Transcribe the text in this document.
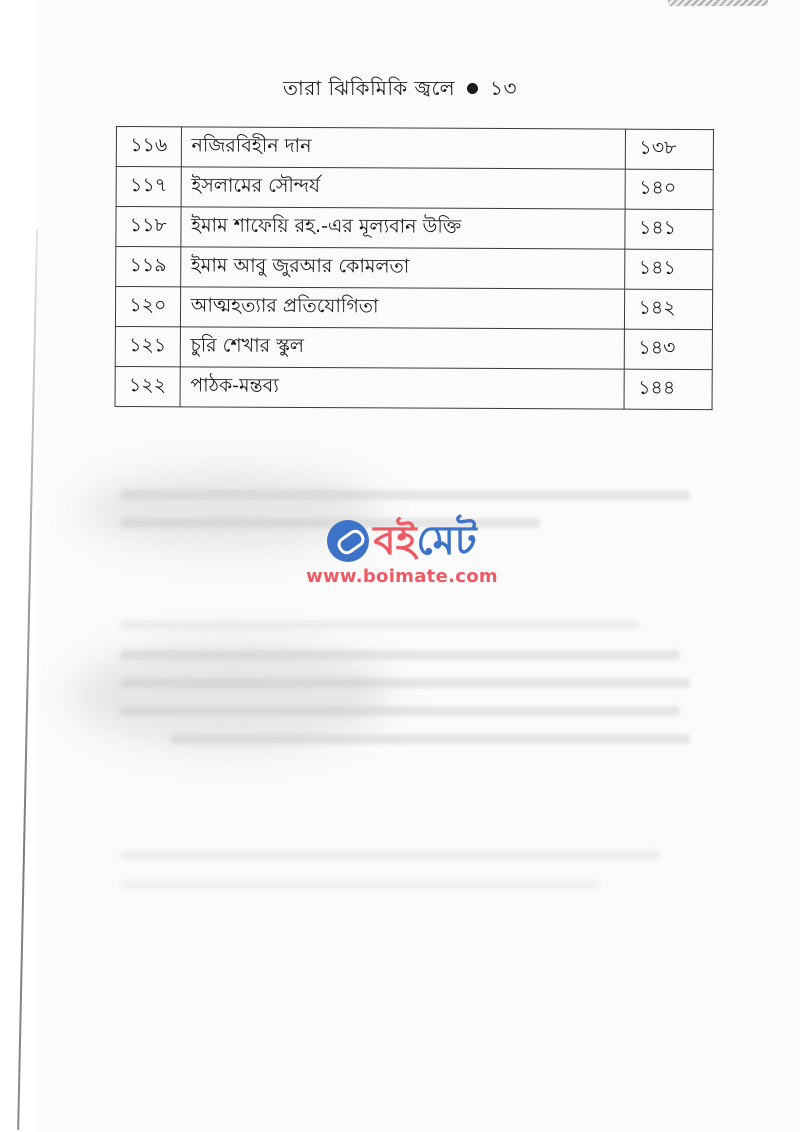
তারা ঝিকিমিকি জ্বলে ১৩
১১৬	নজিরবিহীন দান	১৩৮
১১৭	ইসলামের সৌন্দর্য	১৪০
১১৮	ইমাম শাফেয়ি রহ.-এর মূল্যবান উক্তি	১৪১
১১৯	ইমাম আবু জুরআর কোমলতা	১৪১
১২০	আত্মহত্যার প্রতিযোগিতা	১৪২
১২১	চুরি শেখার স্কুল	১৪৩
১২২	পাঠক-মন্তব্য	১৪৪
বই মেট
www.boimate.com
